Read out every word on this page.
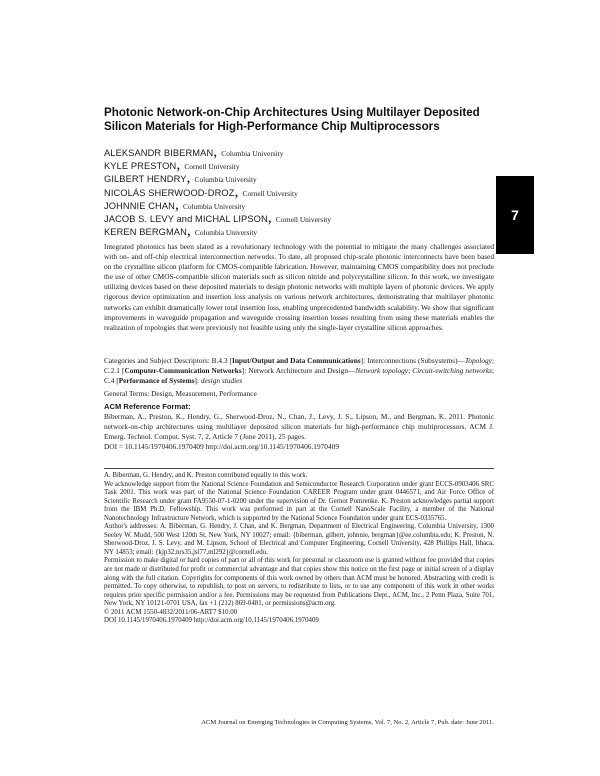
Photonic Network-on-Chip Architectures Using Multilayer Deposited Silicon Materials for High-Performance Chip Multiprocessors
ALEKSANDR BIBERMAN, Columbia University
KYLE PRESTON, Cornell University
GILBERT HENDRY, Columbia University
NICOLÁS SHERWOOD-DROZ, Cornell University
JOHNNIE CHAN, Columbia University
JACOB S. LEVY and MICHAL LIPSON, Cornell University
KEREN BERGMAN, Columbia University
7
Integrated photonics has been slated as a revolutionary technology with the potential to mitigate the many challenges associated with on- and off-chip electrical interconnection networks. To date, all proposed chip-scale photonic interconnects have been based on the crystalline silicon platform for CMOS-compatible fabrication. However, maintaining CMOS compatibility does not preclude the use of other CMOS-compatible silicon materials such as silicon nitride and polycrystalline silicon. In this work, we investigate utilizing devices based on these deposited materials to design photonic networks with multiple layers of photonic devices. We apply rigorous device optimization and insertion loss analysis on various network architectures, demonstrating that multilayer photonic networks can exhibit dramatically lower total insertion loss, enabling unprecedented bandwidth scalability. We show that significant improvements in waveguide propagation and waveguide crossing insertion losses resulting from using these materials enables the realization of topologies that were previously not feasible using only the single-layer crystalline silicon approaches.
Categories and Subject Descriptors: B.4.3 [Input/Output and Data Communications]: Interconnections (Subsystems)—Topology; C.2.1 [Computer-Communication Networks]: Network Architecture and Design—Network topology; Circuit-switching networks; C.4 [Performance of Systems]: design studies
General Terms: Design, Measurement, Performance
ACM Reference Format:
Biberman, A., Preston, K., Hendry, G., Sherwood-Droz, N., Chan, J., Levy, J. S., Lipson, M., and Bergman, K. 2011. Photonic network-on-chip architectures using multilayer deposited silicon materials for high-performance chip multiprocessors. ACM J. Emerg. Technol. Comput. Syst. 7, 2, Article 7 (June 2011), 25 pages.
DOI = 10.1145/1970406.1970409 http://doi.acm.org/10.1145/1970406.1970409

A. Biberman, G. Hendry, and K. Preston contributed equally to this work.

We acknowledge support from the National Science Foundation and Semiconductor Research Corporation under grant ECCS-0903406 SRC Task 2001. This work was part of the National Science Foundation CAREER Program under grant 0446571, and Air Force Office of Scientific Research under grant FA9550-07-1-0200 under the supervision of Dr. Gernot Pomrenke. K. Preston acknowledges partial support from the IBM Ph.D. Fellowship. This work was performed in part at the Cornell NanoScale Facility, a member of the National Nanotechnology Infrastructure Network, which is supported by the National Science Foundation under grant ECS-0335765.

Author's addresses: A. Biberman, G. Hendry, J. Chan, and K. Bergman, Department of Electrical Engineering, Columbia University, 1300 Seeley W. Mudd, 500 West 120th St, New York, NY 10027; email: {biberman, gilbert, johnnie, bergman}@ee.columbia.edu; K. Preston, N. Sherwood-Droz, J. S. Levy, and M. Lipson, School of Electrical and Computer Engineering, Cornell University, 428 Phillips Hall, Ithaca, NY 14853; email: {kjp32,nrs35,jsl77,ml292}@cornell.edu.

Permission to make digital or hard copies of part or all of this work for personal or classroom use is granted without fee provided that copies are not made or distributed for profit or commercial advantage and that copies show this notice on the first page or initial screen of a display along with the full citation. Copyrights for components of this work owned by others than ACM must be honored. Abstracting with credit is permitted. To copy otherwise, to republish, to post on servers, to redistribute to lists, or to use any component of this work in other works requires prior specific permission and/or a fee. Permissions may be requested from Publications Dept., ACM, Inc., 2 Penn Plaza, Suite 701, New York, NY 10121-0701 USA, fax +1 (212) 869-0481, or permissions@acm.org.

© 2011 ACM 1550-4832/2011/06-ART7 $10.00

DOI 10.1145/1970406.1970409 http://doi.acm.org/10.1145/1970406.1970409

ACM Journal on Emerging Technologies in Computing Systems, Vol. 7, No. 2, Article 7, Pub. date: June 2011.
